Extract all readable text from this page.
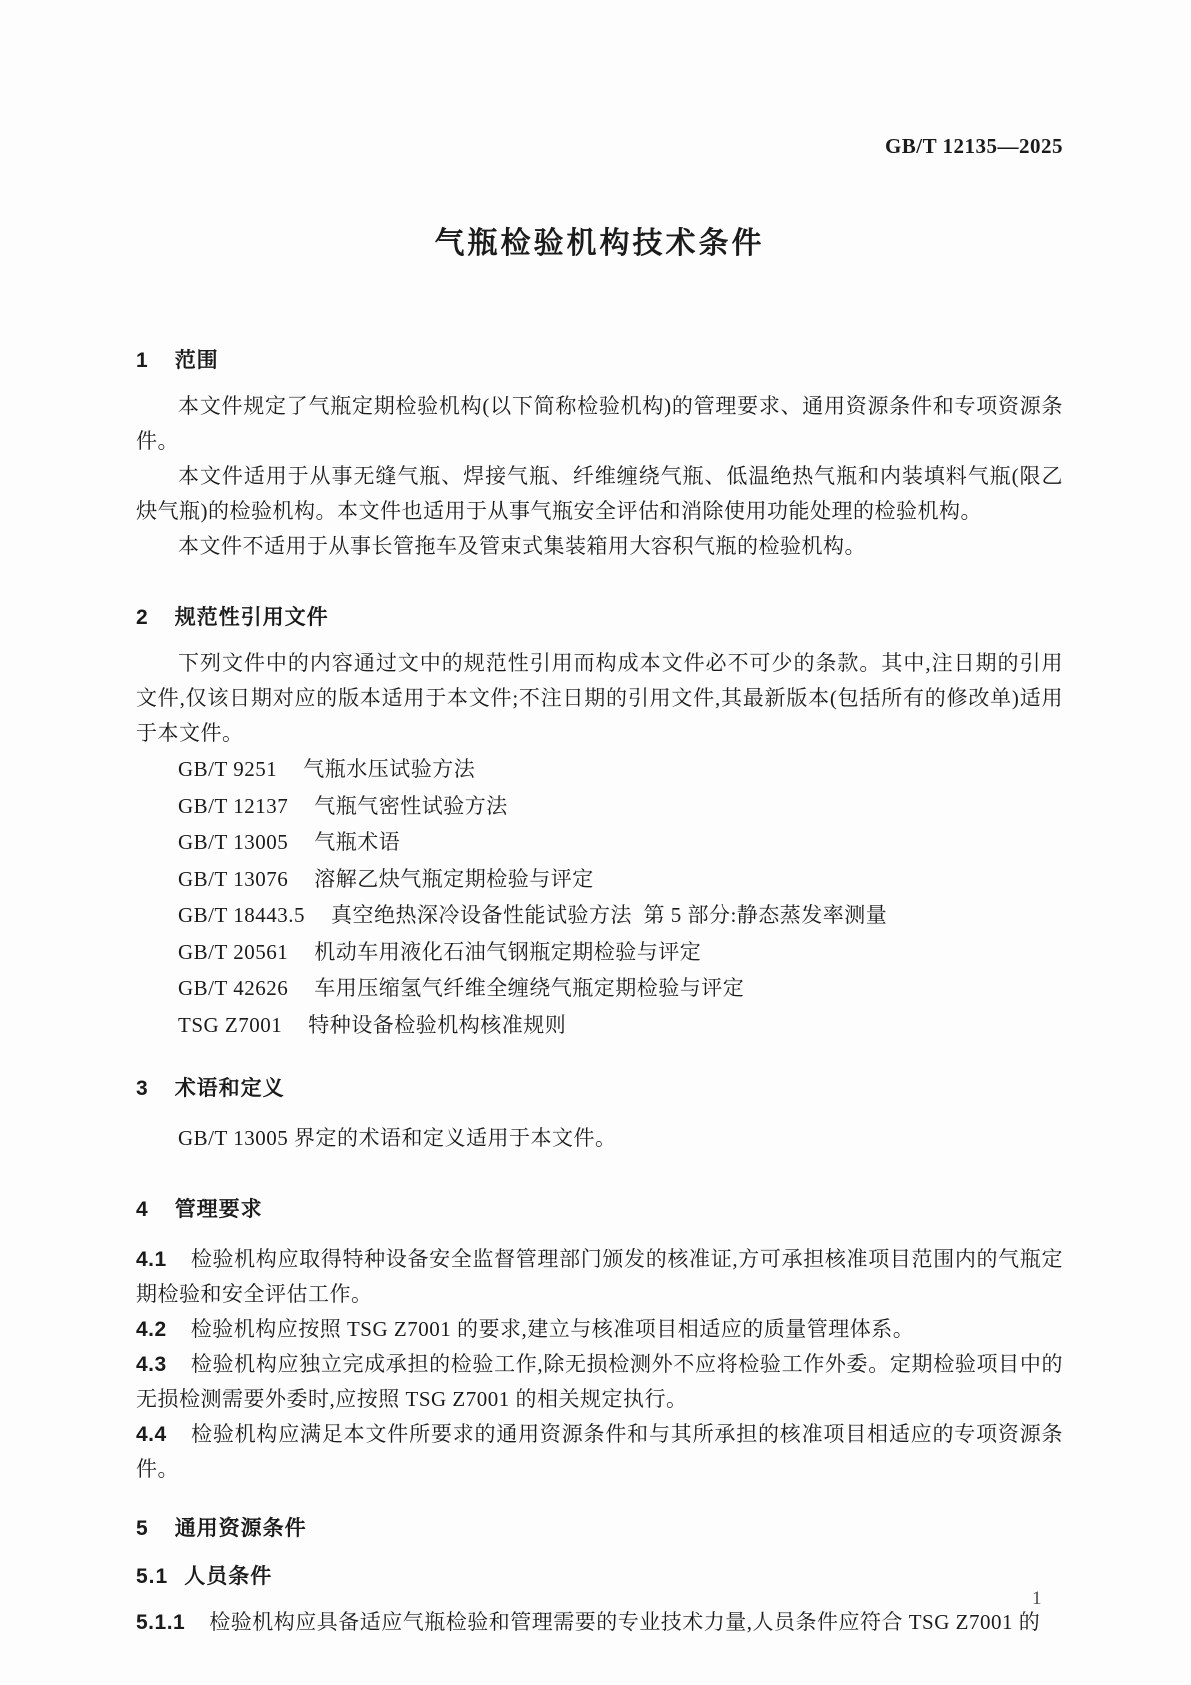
GB/T 12135—2025
气瓶检验机构技术条件
1 范围

本文件规定了气瓶定期检验机构(以下简称检验机构)的管理要求、通用资源条件和专项资源条件。

本文件适用于从事无缝气瓶、焊接气瓶、纤维缠绕气瓶、低温绝热气瓶和内装填料气瓶(限乙炔气瓶)的检验机构。本文件也适用于从事气瓶安全评估和消除使用功能处理的检验机构。

本文件不适用于从事长管拖车及管束式集装箱用大容积气瓶的检验机构。

2 规范性引用文件

下列文件中的内容通过文中的规范性引用而构成本文件必不可少的条款。其中,注日期的引用文件,仅该日期对应的版本适用于本文件;不注日期的引用文件,其最新版本(包括所有的修改单)适用于本文件。

GB/T 9251 气瓶水压试验方法
GB/T 12137 气瓶气密性试验方法
GB/T 13005 气瓶术语
GB/T 13076 溶解乙炔气瓶定期检验与评定
GB/T 18443.5 真空绝热深冷设备性能试验方法  第 5 部分:静态蒸发率测量
GB/T 20561 机动车用液化石油气钢瓶定期检验与评定
GB/T 42626 车用压缩氢气纤维全缠绕气瓶定期检验与评定
TSG Z7001 特种设备检验机构核准规则
3 术语和定义

GB/T 13005 界定的术语和定义适用于本文件。

4 管理要求

4.1 检验机构应取得特种设备安全监督管理部门颁发的核准证,方可承担核准项目范围内的气瓶定期检验和安全评估工作。

4.2 检验机构应按照 TSG Z7001 的要求,建立与核准项目相适应的质量管理体系。

4.3 检验机构应独立完成承担的检验工作,除无损检测外不应将检验工作外委。定期检验项目中的无损检测需要外委时,应按照 TSG Z7001 的相关规定执行。

4.4 检验机构应满足本文件所要求的通用资源条件和与其所承担的核准项目相适应的专项资源条件。

5 通用资源条件
5.1 人员条件

5.1.1 检验机构应具备适应气瓶检验和管理需要的专业技术力量,人员条件应符合 TSG Z7001 的

1
